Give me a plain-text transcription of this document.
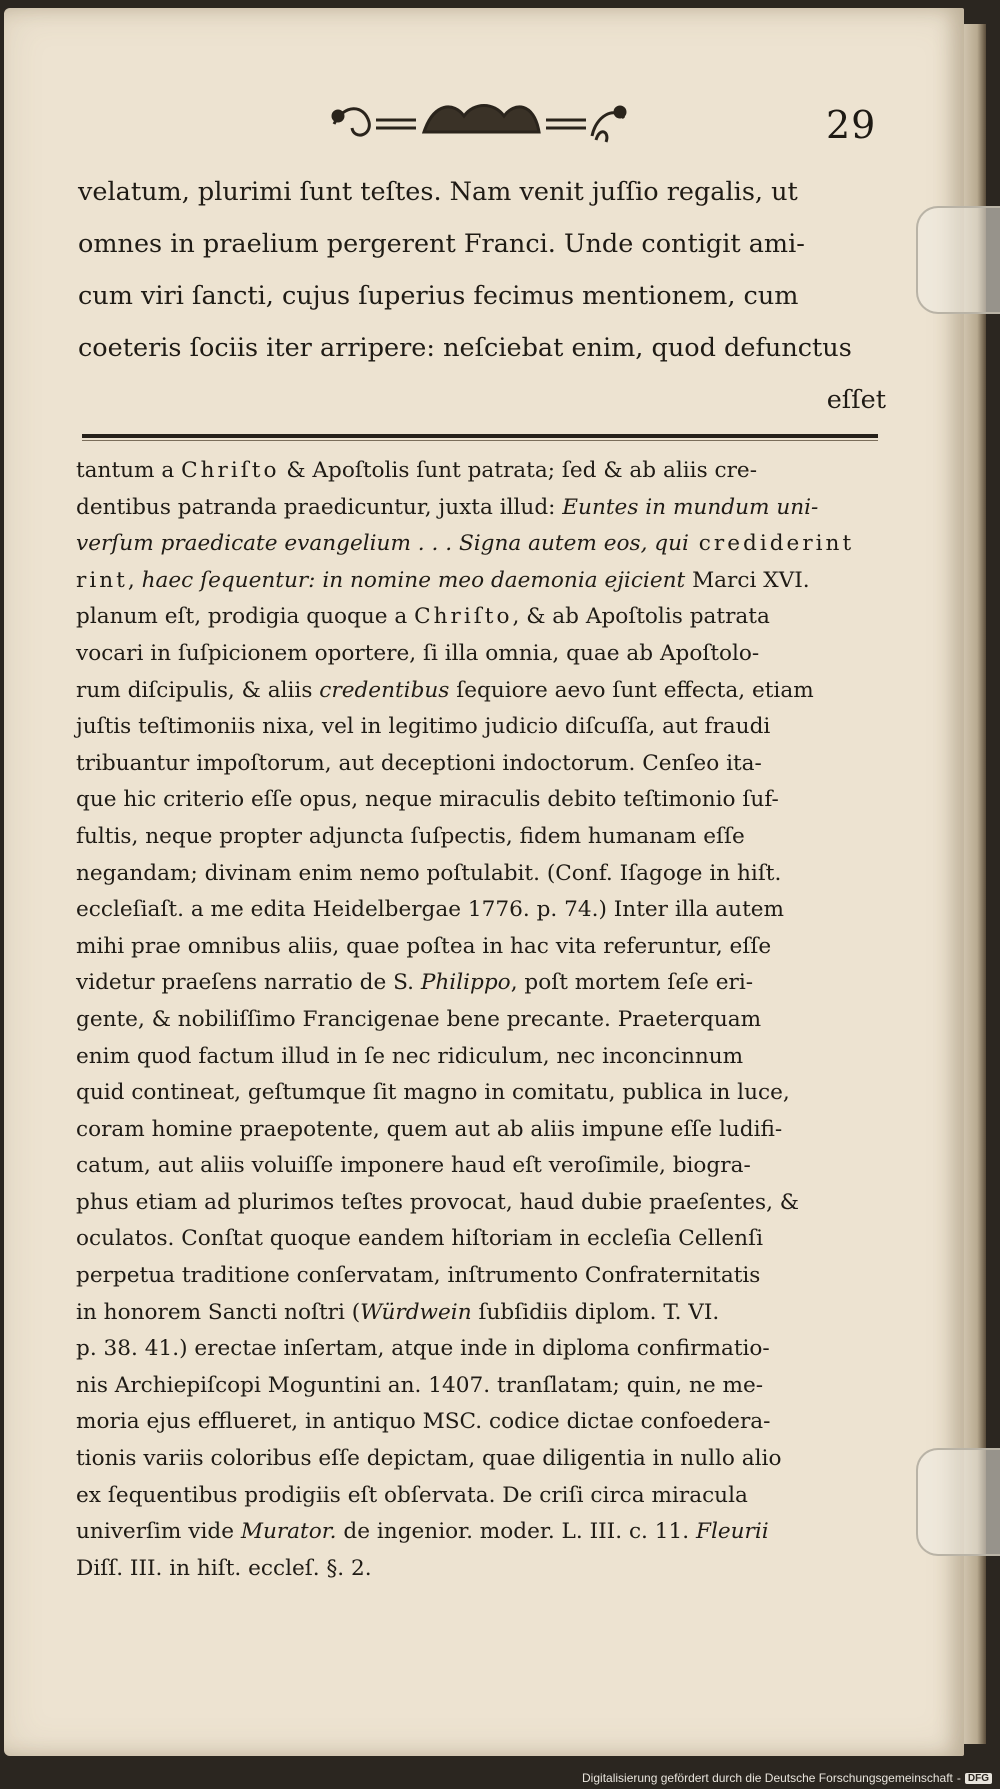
29
velatum, plurimi ſunt teſtes. Nam venit juſſio regalis, ut
omnes in praelium pergerent Franci. Unde contigit ami-
cum viri ſancti, cujus ſuperius fecimus mentionem, cum
coeteris ſociis iter arripere: neſciebat enim, quod defunctus
eſſet
tantum a Chriſto & Apoſtolis ſunt patrata; ſed & ab aliis cre-
dentibus patranda praedicuntur, juxta illud: Euntes in mundum uni-
verſum praedicate evangelium . . . Signa autem eos, qui crediderint
rint, haec ſequentur: in nomine meo daemonia ejicient Marci XVI.
planum eſt, prodigia quoque a Chriſto, & ab Apoſtolis patrata
vocari in ſuſpicionem oportere, ſi illa omnia, quae ab Apoſtolo-
rum diſcipulis, & aliis credentibus ſequiore aevo ſunt effecta, etiam
juſtis teſtimoniis nixa, vel in legitimo judicio diſcuſſa, aut fraudi
tribuantur impoſtorum, aut deceptioni indoctorum. Cenſeo ita-
que hic criterio eſſe opus, neque miraculis debito teſtimonio ſuf-
fultis, neque propter adjuncta ſuſpectis, fidem humanam eſſe
negandam; divinam enim nemo poſtulabit. (Conf. Iſagoge in hiſt.
eccleſiaſt. a me edita Heidelbergae 1776. p. 74.) Inter illa autem
mihi prae omnibus aliis, quae poſtea in hac vita referuntur, eſſe
videtur praeſens narratio de S. Philippo, poſt mortem ſeſe eri-
gente, & nobiliſſimo Francigenae bene precante. Praeterquam
enim quod factum illud in ſe nec ridiculum, nec inconcinnum
quid contineat, geſtumque ſit magno in comitatu, publica in luce,
coram homine praepotente, quem aut ab aliis impune eſſe ludifi-
catum, aut aliis voluiſſe imponere haud eſt veroſimile, biogra-
phus etiam ad plurimos teſtes provocat, haud dubie praeſentes, &
oculatos. Conſtat quoque eandem hiſtoriam in eccleſia Cellenſi
perpetua traditione conſervatam, inſtrumento Confraternitatis
in honorem Sancti noſtri (Würdwein ſubſidiis diplom. T. VI.
p. 38. 41.) erectae inſertam, atque inde in diploma confirmatio-
nis Archiepiſcopi Moguntini an. 1407. tranſlatam; quin, ne me-
moria ejus efflueret, in antiquo MSC. codice dictae confoedera-
tionis variis coloribus eſſe depictam, quae diligentia in nullo alio
ex ſequentibus prodigiis eſt obſervata. De criſi circa miracula
univerſim vide Murator. de ingenior. moder. L. III. c. 11. Fleurii
Diſſ. III. in hiſt. eccleſ. §. 2.
Digitalisierung gefördert durch die Deutsche Forschungsgemeinschaft - DFG
